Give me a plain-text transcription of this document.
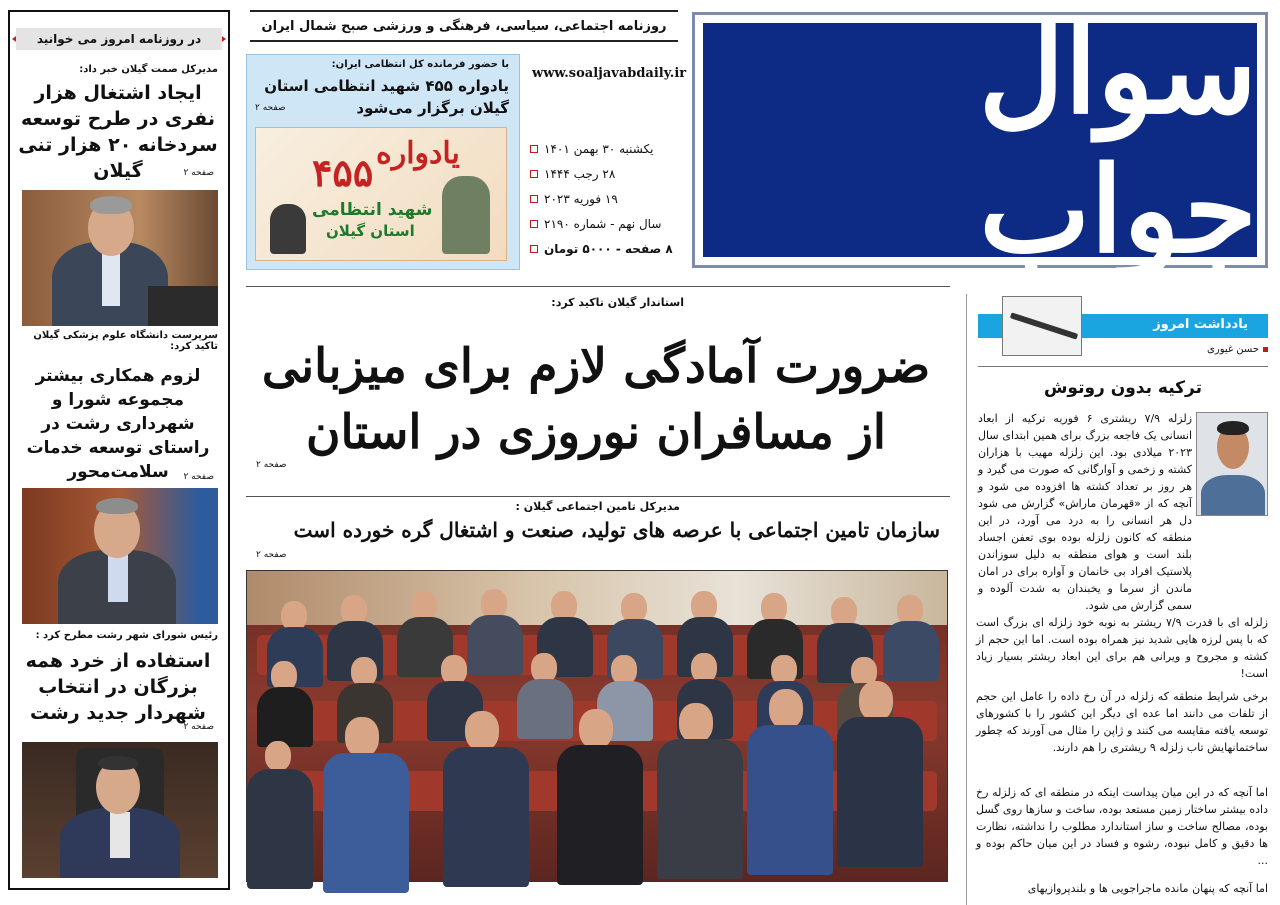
سوال جواب
روزنامه اجتماعی، سیاسی، فرهنگی و ورزشی صبح شمال ایران
با حضور فرمانده کل انتظامی ایران:
یادواره ۴۵۵ شهید انتظامی استان گیلان برگزار می‌شود
صفحه ۲
یادواره
۴۵۵
شهید انتظامی
استان گیلان
www.soaljavabdaily.ir
یکشنبه ۳۰ بهمن ۱۴۰۱
۲۸ رجب ۱۴۴۴
۱۹ فوریه ۲۰۲۳
سال نهم - شماره ۲۱۹۰
۸ صفحه - ۵۰۰۰ تومان
در روزنامه امروز می خوانید
مدیرکل صمت گیلان خبر داد:
ایجاد اشتغال هزار نفری در طرح توسعه سردخانه ۲۰ هزار تنی گیلان	صفحه ۲
سرپرست دانشگاه علوم پزشکی گیلان تاکید کرد:
لزوم همکاری بیشتر مجموعه شورا و شهرداری رشت در راستای توسعه خدمات سلامت‌محور	صفحه ۲
رئیس شورای شهر رشت مطرح کرد :
استفاده از خرد همه بزرگان در انتخاب شهردار جدید رشت
صفحه ۲
استاندار گیلان تاکید کرد:
ضرورت آمادگی لازم برای میزبانی از مسافران نوروزی در استان
صفحه ۲
مدیرکل تامین اجتماعی گیلان :
سازمان تامین اجتماعی با عرصه های تولید، صنعت و اشتغال گره خورده است
صفحه ۲
یادداشت امروز
حسن غیوری
ترکیه بدون روتوش
زلزله ۷/۹ ریشتری ۶ فوریه ترکیه از ابعاد انسانی یک فاجعه بزرگ برای همین ابتدای سال ۲۰۲۳ میلادی بود. این زلزله مهیب با هزاران کشته و زخمی و آوارگانی که صورت می گیرد و هر روز بر تعداد کشته ها افزوده می شود و آنچه که از «قهرمان ماراش» گزارش می شود دل هر انسانی را به درد می آورد، در این منطقه که کانون زلزله بوده بوی تعفن اجساد بلند است و هوای منطقه به دلیل سوزاندن پلاستیک افراد بی خانمان و آواره برای در امان ماندن از سرما و یخبندان به شدت آلوده و سمی گزارش می شود.
زلزله ای با قدرت ۷/۹ ریشتر به نوبه خود زلزله ای بزرگ است که با پس لرزه هایی شدید نیز همراه بوده است. اما این حجم از کشته و مجروح و ویرانی هم برای این ابعاد ریشتر بسیار زیاد است!
برخی شرایط منطقه که زلزله در آن رخ داده را عامل این حجم از تلفات می دانند اما عده ای دیگر این کشور را با کشورهای توسعه یافته مقایسه می کنند و ژاپن را مثال می آورند که چطور ساختمانهایش تاب زلزله ۹ ریشتری را هم دارند.
اما آنچه که در این میان پیداست اینکه در منطقه ای که زلزله رخ داده بیشتر ساختار زمین مستعد بوده، ساخت و سازها روی گسل بوده، مصالح ساخت و ساز استاندارد مطلوب را نداشته، نظارت ها دقیق و کامل نبوده، رشوه و فساد در این میان حاکم بوده و ...
اما آنچه که پنهان مانده ماجراجویی ها و بلندپروازیهای
